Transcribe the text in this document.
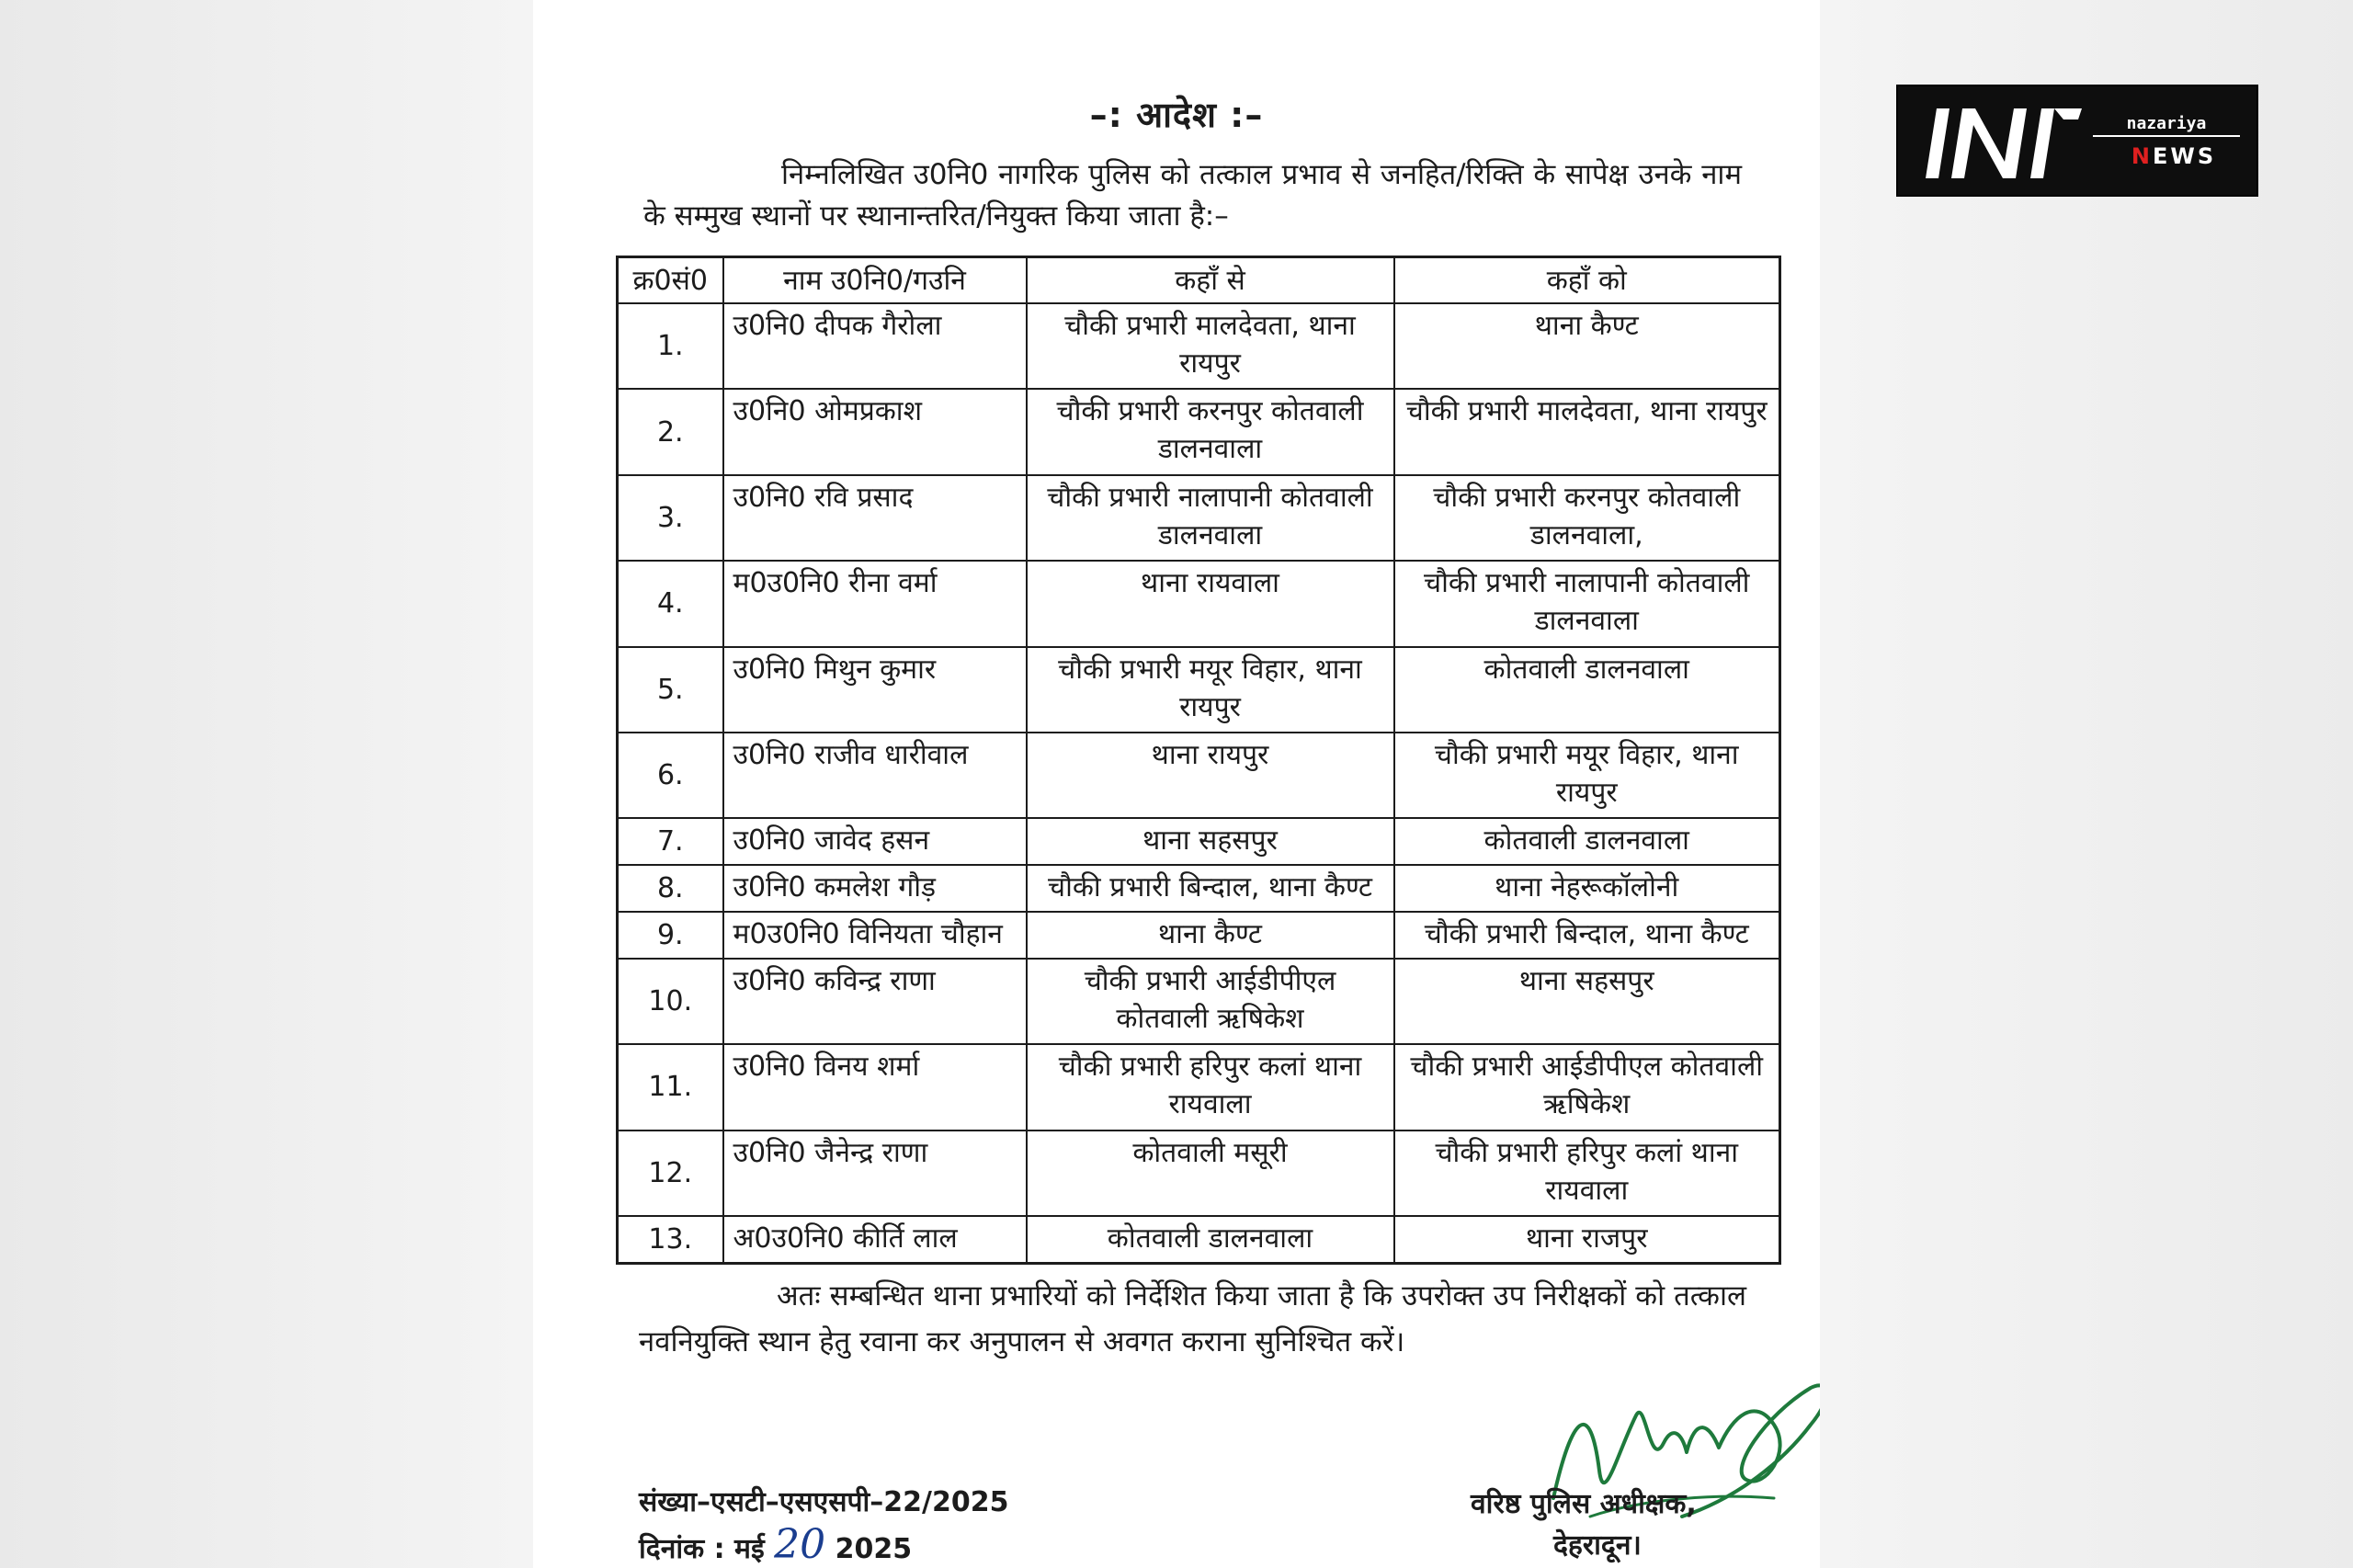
–: आदेश :–
निम्नलिखित उ0नि0 नागरिक पुलिस को तत्काल प्रभाव से जनहित/रिक्ति के सापेक्ष उनके नाम के सम्मुख स्थानों पर स्थानान्तरित/नियुक्त किया जाता है:–
क्र0सं0	नाम उ0नि0/गउनि	कहाँ से	कहाँ को
1.	उ0नि0 दीपक गैरोला	चौकी प्रभारी मालदेवता, थाना रायपुर	थाना कैण्ट
2.	उ0नि0 ओमप्रकाश	चौकी प्रभारी करनपुर कोतवाली डालनवाला	चौकी प्रभारी मालदेवता, थाना रायपुर
3.	उ0नि0 रवि प्रसाद	चौकी प्रभारी नालापानी कोतवाली डालनवाला	चौकी प्रभारी करनपुर कोतवाली डालनवाला,
4.	म0उ0नि0 रीना वर्मा	थाना रायवाला	चौकी प्रभारी नालापानी कोतवाली डालनवाला
5.	उ0नि0 मिथुन कुमार	चौकी प्रभारी मयूर विहार, थाना रायपुर	कोतवाली डालनवाला
6.	उ0नि0 राजीव धारीवाल	थाना रायपुर	चौकी प्रभारी मयूर विहार, थाना रायपुर
7.	उ0नि0 जावेद हसन	थाना सहसपुर	कोतवाली डालनवाला
8.	उ0नि0 कमलेश गौड़	चौकी प्रभारी बिन्दाल, थाना कैण्ट	थाना नेहरूकॉलोनी
9.	म0उ0नि0 विनियता चौहान	थाना कैण्ट	चौकी प्रभारी बिन्दाल, थाना कैण्ट
10.	उ0नि0 कविन्द्र राणा	चौकी प्रभारी आईडीपीएल कोतवाली ऋषिकेश	थाना सहसपुर
11.	उ0नि0 विनय शर्मा	चौकी प्रभारी हरिपुर कलां थाना रायवाला	चौकी प्रभारी आईडीपीएल कोतवाली ऋषिकेश
12.	उ0नि0 जैनेन्द्र राणा	कोतवाली मसूरी	चौकी प्रभारी हरिपुर कलां थाना रायवाला
13.	अ0उ0नि0 कीर्ति लाल	कोतवाली डालनवाला	थाना राजपुर
अतः सम्बन्धित थाना प्रभारियों को निर्देशित किया जाता है कि उपरोक्त उप निरीक्षकों को तत्काल नवनियुक्ति स्थान हेतु रवाना कर अनुपालन से अवगत कराना सुनिश्चित करें।
संख्या–एसटी–एसएसपी–22/2025
दिनांक : मई 20 2025
वरिष्ठ पुलिस अधीक्षक,
देहरादून।
nazariya
NEWS
